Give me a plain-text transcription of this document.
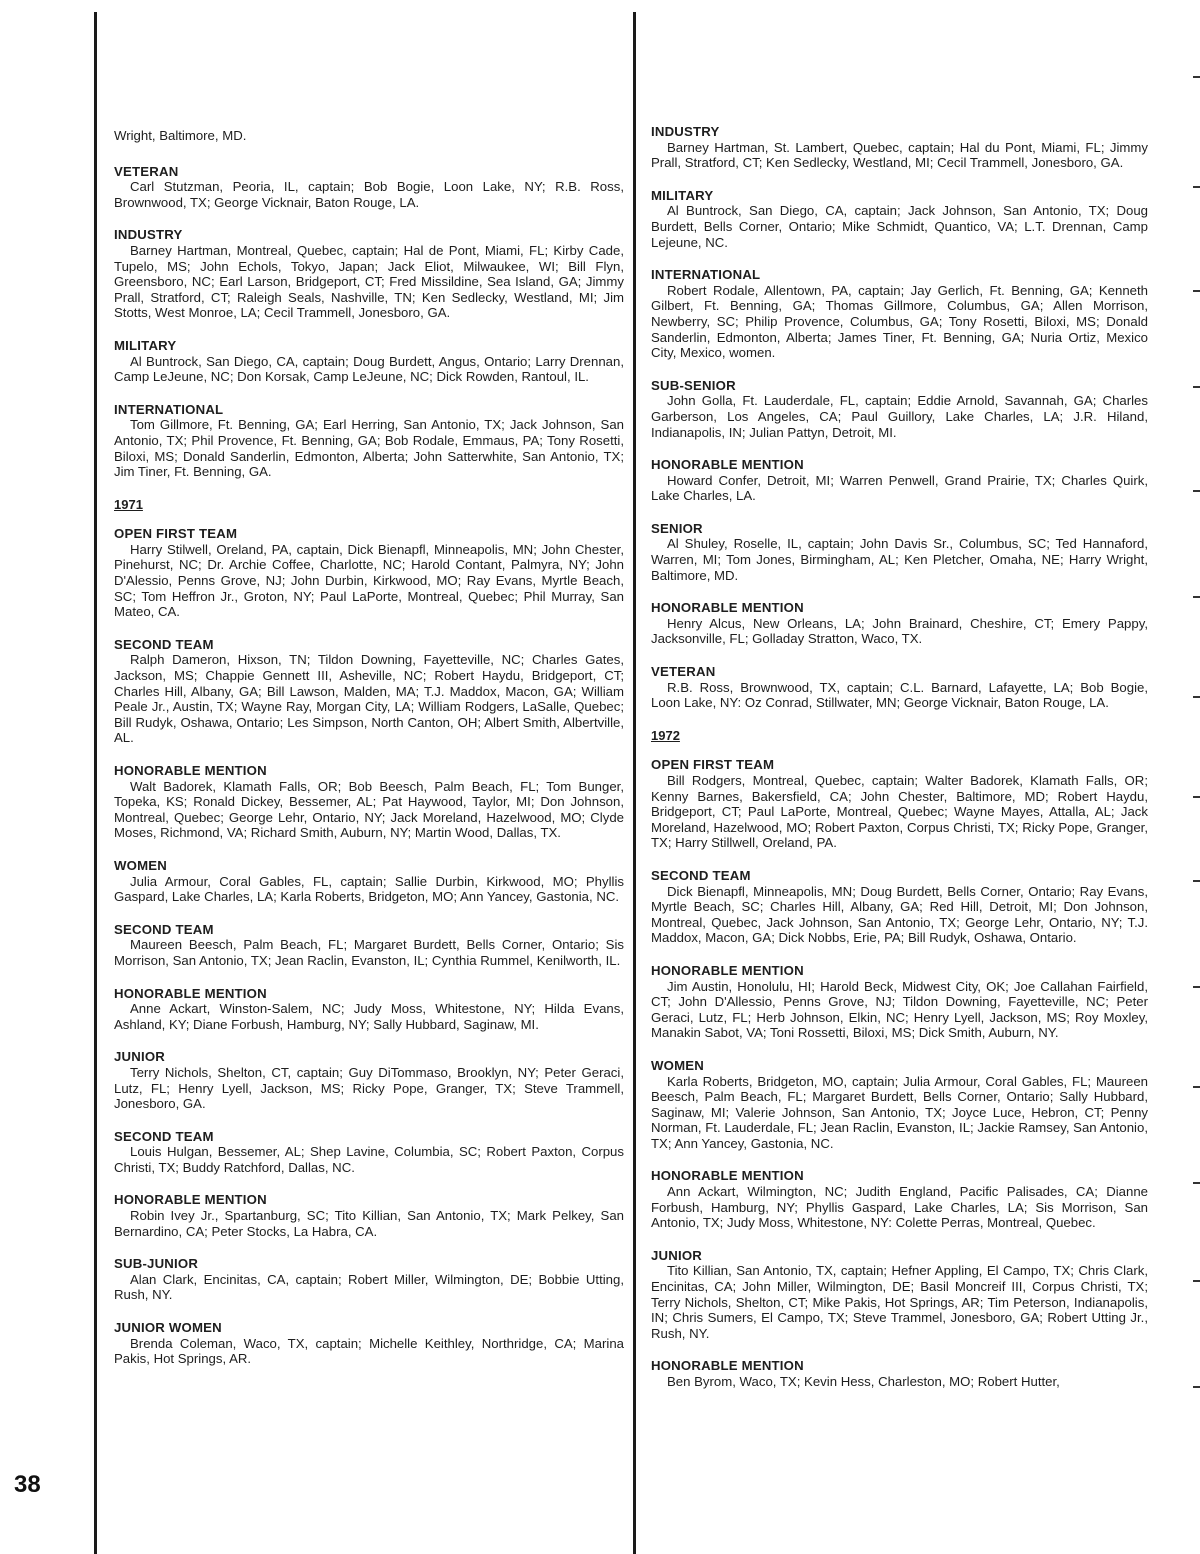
Wright, Baltimore, MD.

VETERAN

Carl Stutzman, Peoria, IL, captain; Bob Bogie, Loon Lake, NY; R.B. Ross, Brownwood, TX; George Vicknair, Baton Rouge, LA.

INDUSTRY

Barney Hartman, Montreal, Quebec, captain; Hal de Pont, Miami, FL; Kirby Cade, Tupelo, MS; John Echols, Tokyo, Japan; Jack Eliot, Milwaukee, WI; Bill Flyn, Greensboro, NC; Earl Larson, Bridgeport, CT; Fred Missildine, Sea Island, GA; Jimmy Prall, Stratford, CT; Raleigh Seals, Nashville, TN; Ken Sedlecky, Westland, MI; Jim Stotts, West Monroe, LA; Cecil Trammell, Jonesboro, GA.

MILITARY

Al Buntrock, San Diego, CA, captain; Doug Burdett, Angus, Ontario; Larry Drennan, Camp LeJeune, NC; Don Korsak, Camp LeJeune, NC; Dick Rowden, Rantoul, IL.

INTERNATIONAL

Tom Gillmore, Ft. Benning, GA; Earl Herring, San Antonio, TX; Jack Johnson, San Antonio, TX; Phil Provence, Ft. Benning, GA; Bob Rodale, Emmaus, PA; Tony Rosetti, Biloxi, MS; Donald Sanderlin, Edmonton, Alberta; John Satterwhite, San Antonio, TX; Jim Tiner, Ft. Benning, GA.

1971

OPEN FIRST TEAM

Harry Stilwell, Oreland, PA, captain, Dick Bienapfl, Minneapolis, MN; John Chester, Pinehurst, NC; Dr. Archie Coffee, Charlotte, NC; Harold Contant, Palmyra, NY; John D'Alessio, Penns Grove, NJ; John Durbin, Kirkwood, MO; Ray Evans, Myrtle Beach, SC; Tom Heffron Jr., Groton, NY; Paul LaPorte, Montreal, Quebec; Phil Murray, San Mateo, CA.

SECOND TEAM

Ralph Dameron, Hixson, TN; Tildon Downing, Fayetteville, NC; Charles Gates, Jackson, MS; Chappie Gennett III, Asheville, NC; Robert Haydu, Bridgeport, CT; Charles Hill, Albany, GA; Bill Lawson, Malden, MA; T.J. Maddox, Macon, GA; William Peale Jr., Austin, TX; Wayne Ray, Morgan City, LA; William Rodgers, LaSalle, Quebec; Bill Rudyk, Oshawa, Ontario; Les Simpson, North Canton, OH; Albert Smith, Albertville, AL.

HONORABLE MENTION

Walt Badorek, Klamath Falls, OR; Bob Beesch, Palm Beach, FL; Tom Bunger, Topeka, KS; Ronald Dickey, Bessemer, AL; Pat Haywood, Taylor, MI; Don Johnson, Montreal, Quebec; George Lehr, Ontario, NY; Jack Moreland, Hazelwood, MO; Clyde Moses, Richmond, VA; Richard Smith, Auburn, NY; Martin Wood, Dallas, TX.

WOMEN

Julia Armour, Coral Gables, FL, captain; Sallie Durbin, Kirkwood, MO; Phyllis Gaspard, Lake Charles, LA; Karla Roberts, Bridgeton, MO; Ann Yancey, Gastonia, NC.

SECOND TEAM

Maureen Beesch, Palm Beach, FL; Margaret Burdett, Bells Corner, Ontario; Sis Morrison, San Antonio, TX; Jean Raclin, Evanston, IL; Cynthia Rummel, Kenilworth, IL.

HONORABLE MENTION

Anne Ackart, Winston-Salem, NC; Judy Moss, Whitestone, NY; Hilda Evans, Ashland, KY; Diane Forbush, Hamburg, NY; Sally Hubbard, Saginaw, MI.

JUNIOR

Terry Nichols, Shelton, CT, captain; Guy DiTommaso, Brooklyn, NY; Peter Geraci, Lutz, FL; Henry Lyell, Jackson, MS; Ricky Pope, Granger, TX; Steve Trammell, Jonesboro, GA.

SECOND TEAM

Louis Hulgan, Bessemer, AL; Shep Lavine, Columbia, SC; Robert Paxton, Corpus Christi, TX; Buddy Ratchford, Dallas, NC.

HONORABLE MENTION

Robin Ivey Jr., Spartanburg, SC; Tito Killian, San Antonio, TX; Mark Pelkey, San Bernardino, CA; Peter Stocks, La Habra, CA.

SUB-JUNIOR

Alan Clark, Encinitas, CA, captain; Robert Miller, Wilmington, DE; Bobbie Utting, Rush, NY.

JUNIOR WOMEN

Brenda Coleman, Waco, TX, captain; Michelle Keithley, Northridge, CA; Marina Pakis, Hot Springs, AR.

INDUSTRY

Barney Hartman, St. Lambert, Quebec, captain; Hal du Pont, Miami, FL; Jimmy Prall, Stratford, CT; Ken Sedlecky, Westland, MI; Cecil Trammell, Jonesboro, GA.

MILITARY

Al Buntrock, San Diego, CA, captain; Jack Johnson, San Antonio, TX; Doug Burdett, Bells Corner, Ontario; Mike Schmidt, Quantico, VA; L.T. Drennan, Camp Lejeune, NC.

INTERNATIONAL

Robert Rodale, Allentown, PA, captain; Jay Gerlich, Ft. Benning, GA; Kenneth Gilbert, Ft. Benning, GA; Thomas Gillmore, Columbus, GA; Allen Morrison, Newberry, SC; Philip Provence, Columbus, GA; Tony Rosetti, Biloxi, MS; Donald Sanderlin, Edmonton, Alberta; James Tiner, Ft. Benning, GA; Nuria Ortiz, Mexico City, Mexico, women.

SUB-SENIOR

John Golla, Ft. Lauderdale, FL, captain; Eddie Arnold, Savannah, GA; Charles Garberson, Los Angeles, CA; Paul Guillory, Lake Charles, LA; J.R. Hiland, Indianapolis, IN; Julian Pattyn, Detroit, MI.

HONORABLE MENTION

Howard Confer, Detroit, MI; Warren Penwell, Grand Prairie, TX; Charles Quirk, Lake Charles, LA.

SENIOR

Al Shuley, Roselle, IL, captain; John Davis Sr., Columbus, SC; Ted Hannaford, Warren, MI; Tom Jones, Birmingham, AL; Ken Pletcher, Omaha, NE; Harry Wright, Baltimore, MD.

HONORABLE MENTION

Henry Alcus, New Orleans, LA; John Brainard, Cheshire, CT; Emery Pappy, Jacksonville, FL; Golladay Stratton, Waco, TX.

VETERAN

R.B. Ross, Brownwood, TX, captain; C.L. Barnard, Lafayette, LA; Bob Bogie, Loon Lake, NY: Oz Conrad, Stillwater, MN; George Vicknair, Baton Rouge, LA.

1972

OPEN FIRST TEAM

Bill Rodgers, Montreal, Quebec, captain; Walter Badorek, Klamath Falls, OR; Kenny Barnes, Bakersfield, CA; John Chester, Baltimore, MD; Robert Haydu, Bridgeport, CT; Paul LaPorte, Montreal, Quebec; Wayne Mayes, Attalla, AL; Jack Moreland, Hazelwood, MO; Robert Paxton, Corpus Christi, TX; Ricky Pope, Granger, TX; Harry Stillwell, Oreland, PA.

SECOND TEAM

Dick Bienapfl, Minneapolis, MN; Doug Burdett, Bells Corner, Ontario; Ray Evans, Myrtle Beach, SC; Charles Hill, Albany, GA; Red Hill, Detroit, MI; Don Johnson, Montreal, Quebec, Jack Johnson, San Antonio, TX; George Lehr, Ontario, NY; T.J. Maddox, Macon, GA; Dick Nobbs, Erie, PA; Bill Rudyk, Oshawa, Ontario.

HONORABLE MENTION

Jim Austin, Honolulu, HI; Harold Beck, Midwest City, OK; Joe Callahan Fairfield, CT; John D'Allessio, Penns Grove, NJ; Tildon Downing, Fayetteville, NC; Peter Geraci, Lutz, FL; Herb Johnson, Elkin, NC; Henry Lyell, Jackson, MS; Roy Moxley, Manakin Sabot, VA; Toni Rossetti, Biloxi, MS; Dick Smith, Auburn, NY.

WOMEN

Karla Roberts, Bridgeton, MO, captain; Julia Armour, Coral Gables, FL; Maureen Beesch, Palm Beach, FL; Margaret Burdett, Bells Corner, Ontario; Sally Hubbard, Saginaw, MI; Valerie Johnson, San Antonio, TX; Joyce Luce, Hebron, CT; Penny Norman, Ft. Lauderdale, FL; Jean Raclin, Evanston, IL; Jackie Ramsey, San Antonio, TX; Ann Yancey, Gastonia, NC.

HONORABLE MENTION

Ann Ackart, Wilmington, NC; Judith England, Pacific Palisades, CA; Dianne Forbush, Hamburg, NY; Phyllis Gaspard, Lake Charles, LA; Sis Morrison, San Antonio, TX; Judy Moss, Whitestone, NY: Colette Perras, Montreal, Quebec.

JUNIOR

Tito Killian, San Antonio, TX, captain; Hefner Appling, El Campo, TX; Chris Clark, Encinitas, CA; John Miller, Wilmington, DE; Basil Moncreif III, Corpus Christi, TX; Terry Nichols, Shelton, CT; Mike Pakis, Hot Springs, AR; Tim Peterson, Indianapolis, IN; Chris Sumers, El Campo, TX; Steve Trammel, Jonesboro, GA; Robert Utting Jr., Rush, NY.

HONORABLE MENTION

Ben Byrom, Waco, TX; Kevin Hess, Charleston, MO; Robert Hutter,

38
